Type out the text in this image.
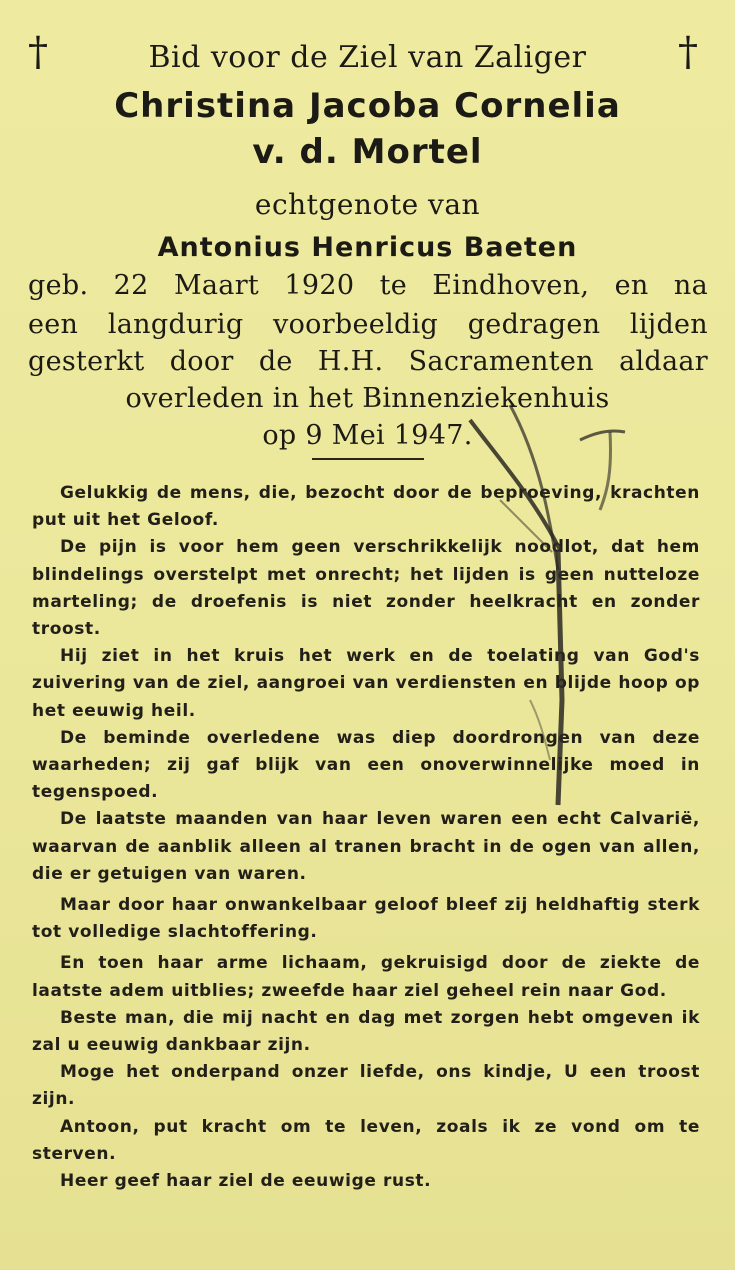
†	†
Bid voor de Ziel van Zaliger
Christina Jacoba Cornelia
v. d. Mortel
echtgenote van
Antonius Henricus Baeten
geb. 22 Maart 1920 te Eindhoven, en na
een langdurig voorbeeldig gedragen lijden
gesterkt door de H.H. Sacramenten aldaar
overleden in het Binnenziekenhuis
op 9 Mei 1947.

Gelukkig de mens, die, bezocht door de beproeving, krachten put uit het Geloof.

De pijn is voor hem geen verschrikkelijk noodlot, dat hem blindelings overstelpt met onrecht; het lijden is geen nutteloze marteling; de droefenis is niet zonder heelkracht en zonder troost.

Hij ziet in het kruis het werk en de toelating van God's zuivering van de ziel, aangroei van verdiensten en blijde hoop op het eeuwig heil.

De beminde overledene was diep doordrongen van deze waarheden; zij gaf blijk van een onoverwinnelijke moed in tegenspoed.

De laatste maanden van haar leven waren een echt Calvarië, waarvan de aanblik alleen al tranen bracht in de ogen van allen, die er getuigen van waren.

Maar door haar onwankelbaar geloof bleef zij heldhaftig sterk tot volledige slachtoffering.

En toen haar arme lichaam, gekruisigd door de ziekte de laatste adem uitblies; zweefde haar ziel geheel rein naar God.

Beste man, die mij nacht en dag met zorgen hebt omgeven ik zal u eeuwig dankbaar zijn.

Moge het onderpand onzer liefde, ons kindje, U een troost zijn.

Antoon, put kracht om te leven, zoals ik ze vond om te sterven.

Heer geef haar ziel de eeuwige rust.
